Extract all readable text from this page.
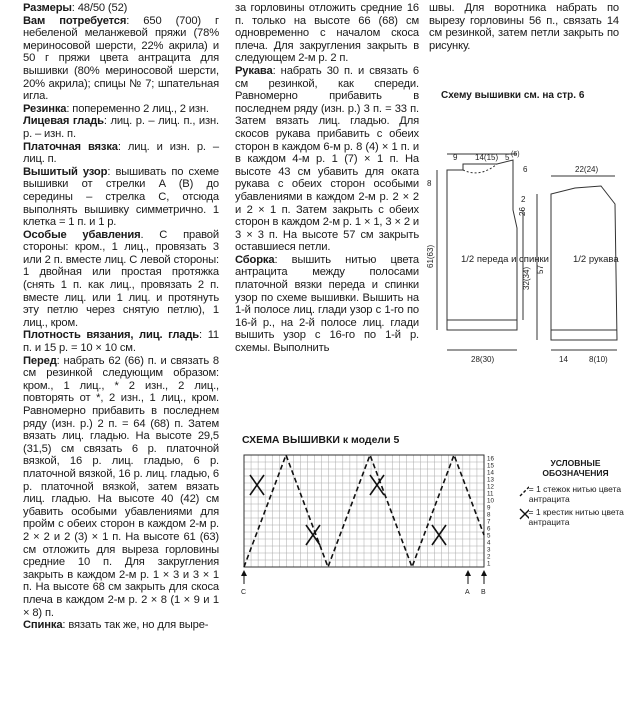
Размеры: 48/50 (52)

Вам потребуется: 650 (700) г небеленой меланжевой пряжи (78% мериносовой шерсти, 22% акрила) и 50 г пряжи цвета антрацита для вышивки (80% мериносовой шерсти, 20% акрила); спицы № 7; шпательная игла.

Резинка: попеременно 2 лиц., 2 изн.

Лицевая гладь: лиц. р. – лиц. п., изн. р. – изн. п.

Платочная вязка: лиц. и изн. р. – лиц. п.

Вышитый узор: вышивать по схеме вышивки от стрелки A (B) до середины – стрелка C, отсюда выполнять вышивку симметрично. 1 клетка = 1 п. и 1 р.

Особые убавления. С правой стороны: кром., 1 лиц., провязать 3 или 2 п. вместе лиц. С левой стороны: 1 двойная или простая протяжка (снять 1 п. как лиц., провязать 2 п. вместе лиц. или 1 лиц. и протянуть эту петлю через снятую петлю), 1 лиц., кром.

Плотность вязания, лиц. гладь: 11 п. и 15 р. = 10 × 10 см.

Перед: набрать 62 (66) п. и связать 8 см резинкой следующим образом: кром., 1 лиц., * 2 изн., 2 лиц., повторять от *, 2 изн., 1 лиц., кром. Равномерно прибавить в последнем ряду (изн. р.) 2 п. = 64 (68) п. Затем вязать лиц. гладью. На высоте 29,5 (31,5) см связать 6 р. платочной вязкой, 16 р. лиц. гладью, 6 р. платочной вязкой, 16 р. лиц. гладью, 6 р. платочной вязкой, затем вязать лиц. гладью. На высоте 40 (42) см убавить особыми убавлениями для пройм с обеих сторон в каждом 2-м р. 2 × 2 и 2 (3) × 1 п. На высоте 61 (63) см отложить для выреза горловины средние 10 п. Для закругления закрыть в каждом 2-м р. 1 × 3 и 3 × 1 п. На высоте 68 см закрыть для скоса плеча в каждом 2-м р. 2 × 8 (1 × 9 и 1 × 8) п.

Спинка: вязать так же, но для выре-

за горловины отложить средние 16 п. только на высоте 66 (68) см одновременно с началом скоса плеча. Для закругления закрыть в следующем 2-м р. 2 п.

Рукава: набрать 30 п. и связать 6 см резинкой, как спереди. Равномерно прибавить в последнем ряду (изн. р.) 3 п. = 33 п. Затем вязать лиц. гладью. Для скосов рукава прибавить с обеих сторон в каждом 6-м р. 8 (4) × 1 п. и в каждом 4-м р. 1 (7) × 1 п. На высоте 43 см убавить для оката рукава с обеих сторон особыми убавлениями в каждом 2-м р. 2 × 2 и 2 × 1 п. Затем закрыть с обеих сторон в каждом 2-м р. 1 × 1, 3 × 2 и 3 × 3 п. На высоте 57 см закрыть оставшиеся петли.

Сборка: вышить нитью цвета антрацита между полосами платочной вязки переда и спинки узор по схеме вышивки. Вышить на 1-й полосе лиц. глади узор с 1-го по 16-й р., на 2-й полосе лиц. глади вышить узор с 16-го по 1-й р. схемы. Выполнить

швы. Для воротника набрать по вырезу горловины 56 п., связать 14 см резинкой, затем петли закрыть по рисунку.

Схему вышивки см. на стр. 6
9 14(15) 5 (6)
6	22(24)
8
2
26
32(34)
61(63)
57
28(30)	14	8(10)
1/2 переда и спинки	1/2 рукава
СХЕМА ВЫШИВКИ к модели 5
16
15
14
13
12
11
10
9
8
7
6
5
4
3
2
1
C	A B
УСЛОВНЫЕ ОБОЗНАЧЕНИЯ
= 1 стежок нитью цвета антрацита
= 1 крестик нитью цвета антрацита
